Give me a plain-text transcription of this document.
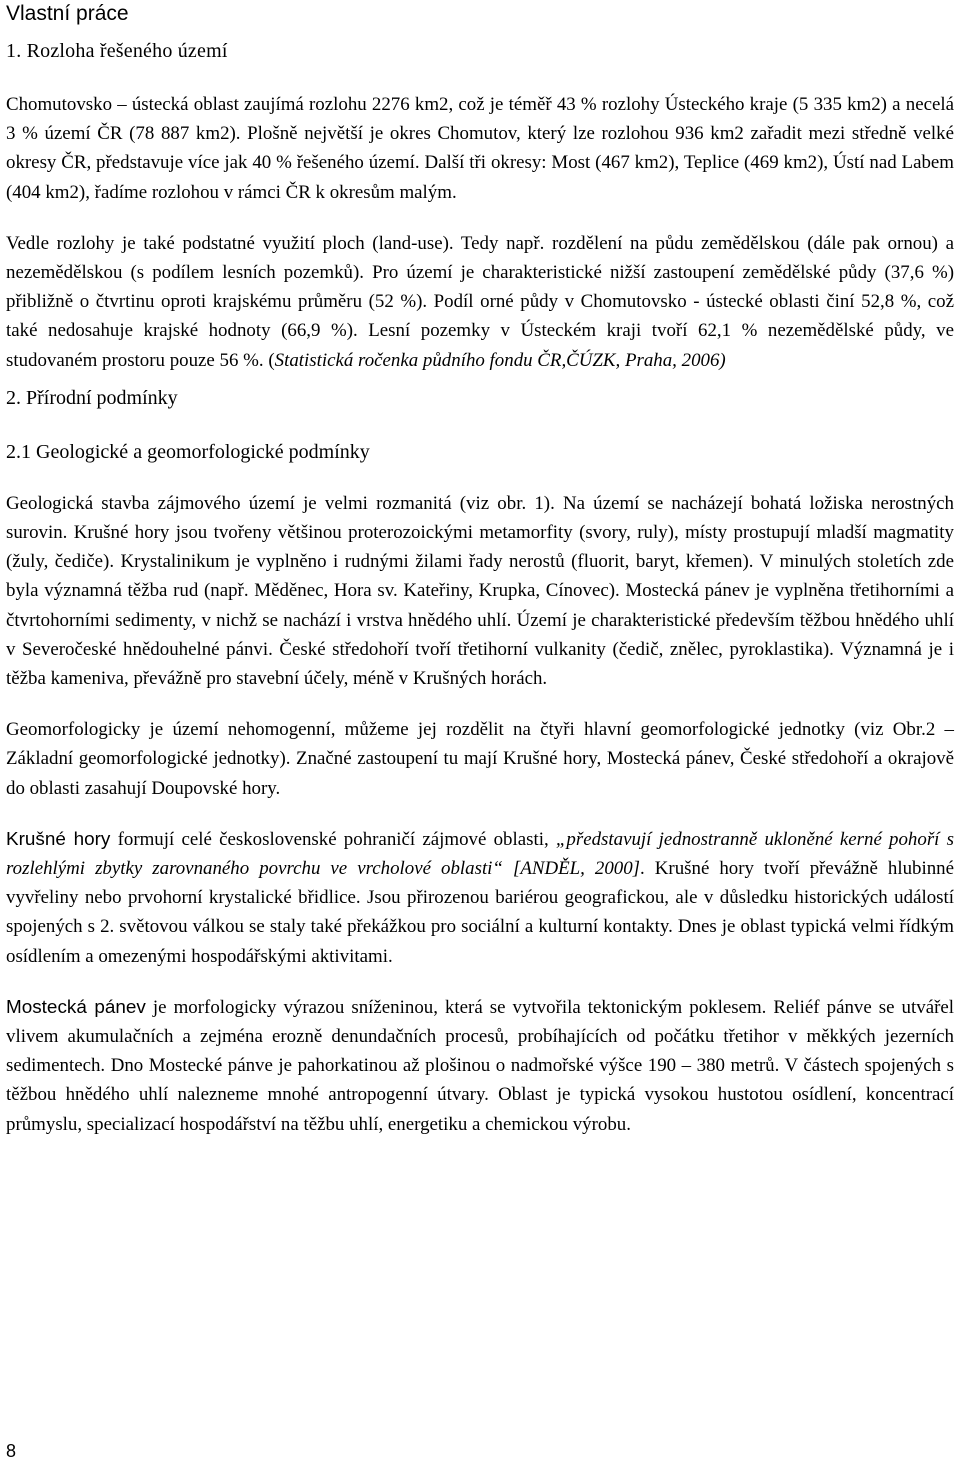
Vlastní práce
1. Rozloha řešeného území

Chomutovsko – ústecká oblast zaujímá rozlohu 2276 km2, což je téměř 43 % rozlohy Ústeckého kraje (5 335 km2) a necelá 3 % území ČR (78 887 km2). Plošně největší je okres Chomutov, který lze rozlohou 936 km2 zařadit mezi středně velké okresy ČR, představuje více jak 40 % řešeného území. Další tři okresy: Most (467 km2), Teplice (469 km2), Ústí nad Labem (404 km2), řadíme rozlohou v rámci ČR k okresům malým.

Vedle rozlohy je také podstatné využití ploch (land-use). Tedy např. rozdělení na půdu zemědělskou (dále pak ornou) a nezemědělskou (s podílem lesních pozemků). Pro území je charakteristické nižší zastoupení zemědělské půdy (37,6 %) přibližně o čtvrtinu oproti krajskému průměru (52 %). Podíl orné půdy v Chomutovsko - ústecké oblasti činí 52,8 %, což také nedosahuje krajské hodnoty (66,9 %). Lesní pozemky v Ústeckém kraji tvoří 62,1 % nezemědělské půdy, ve studovaném prostoru pouze 56 %. (Statistická ročenka půdního fondu ČR,ČÚZK, Praha, 2006)

2. Přírodní podmínky
2.1 Geologické a geomorfologické podmínky

Geologická stavba zájmového území je velmi rozmanitá (viz obr. 1). Na území se nacházejí bohatá ložiska nerostných surovin. Krušné hory jsou tvořeny většinou proterozoickými metamorfity (svory, ruly), místy prostupují mladší magmatity (žuly, čediče). Krystalinikum je vyplněno i rudnými žilami řady nerostů (fluorit, baryt, křemen). V minulých stoletích zde byla významná těžba rud (např. Měděnec, Hora sv. Kateřiny, Krupka, Cínovec). Mostecká pánev je vyplněna třetihorními a čtvrtohorními sedimenty, v nichž se nachází i vrstva hnědého uhlí. Území je charakteristické především těžbou hnědého uhlí v Severočeské hnědouhelné pánvi. České středohoří tvoří třetihorní vulkanity (čedič, znělec, pyroklastika). Významná je i těžba kameniva, převážně pro stavební účely, méně v Krušných horách.

Geomorfologicky je území nehomogenní, můžeme jej rozdělit na čtyři hlavní geomorfologické jednotky (viz Obr.2 – Základní geomorfologické jednotky). Značné zastoupení tu mají Krušné hory, Mostecká pánev, České středohoří a okrajově do oblasti zasahují Doupovské hory.

Krušné hory formují celé československé pohraničí zájmové oblasti, „představují jednostranně ukloněné kerné pohoří s rozlehlými zbytky zarovnaného povrchu ve vrcholové oblasti“ [ANDĚL, 2000]. Krušné hory tvoří převážně hlubinné vyvřeliny nebo prvohorní krystalické břidlice. Jsou přirozenou bariérou geografickou, ale v důsledku historických událostí spojených s 2. světovou válkou se staly také překážkou pro sociální a kulturní kontakty. Dnes je oblast typická velmi řídkým osídlením a omezenými hospodářskými aktivitami.

Mostecká pánev je morfologicky výrazou sníženinou, která se vytvořila tektonickým poklesem. Reliéf pánve se utvářel vlivem akumulačních a zejména erozně denundačních procesů, probíhajících od počátku třetihor v měkkých jezerních sedimentech. Dno Mostecké pánve je pahorkatinou až plošinou o nadmořské výšce 190 – 380 metrů. V částech spojených s těžbou hnědého uhlí nalezneme mnohé antropogenní útvary. Oblast je typická vysokou hustotou osídlení, koncentrací průmyslu, specializací hospodářství na těžbu uhlí, energetiku a chemickou výrobu.

8
